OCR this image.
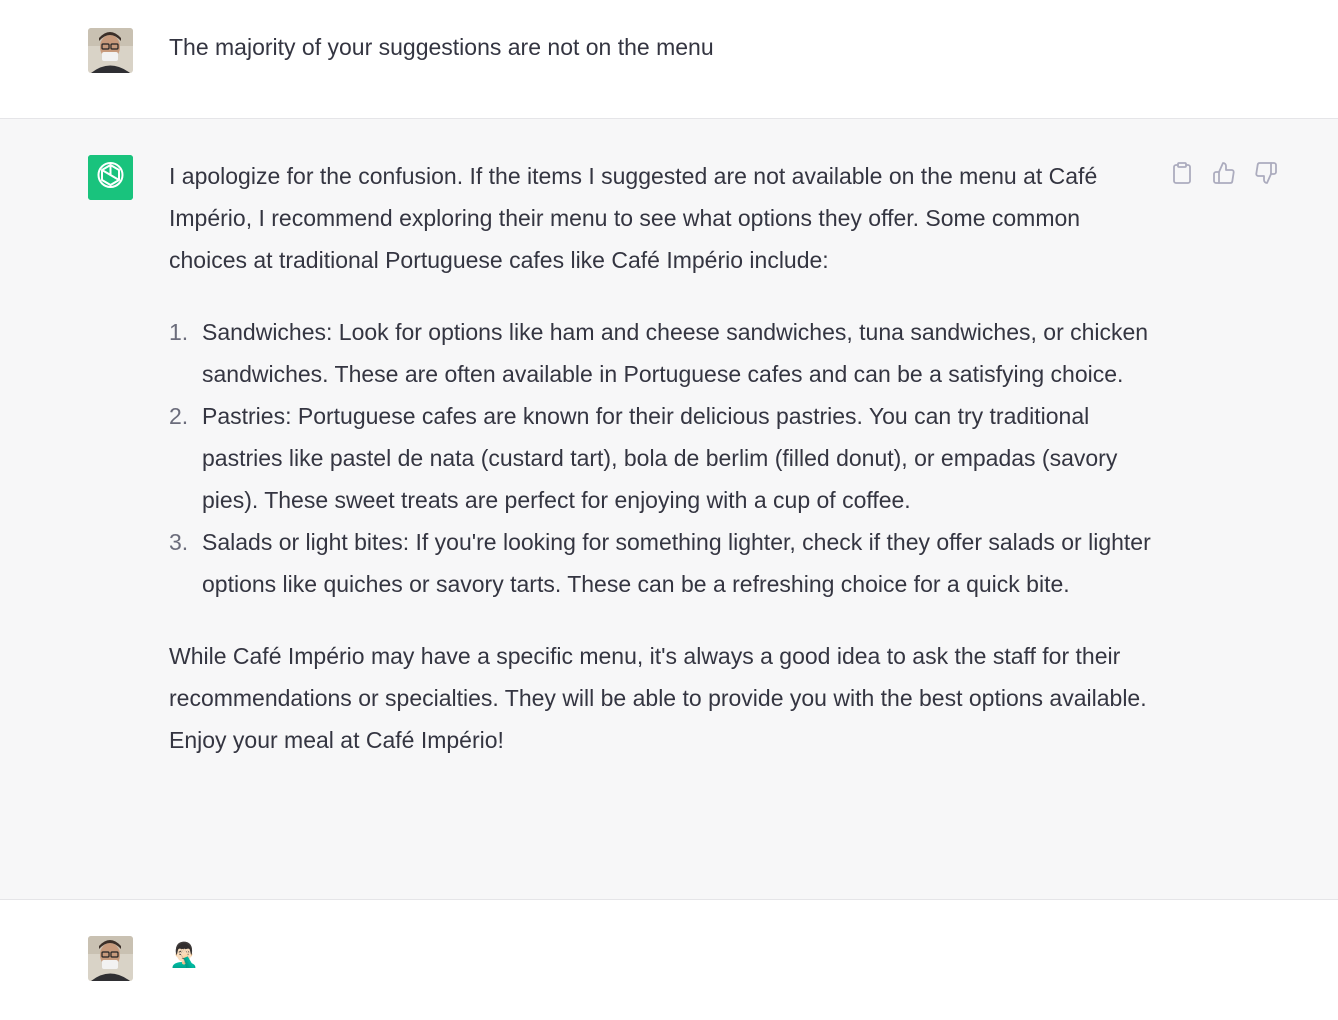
The majority of your suggestions are not on the menu

I apologize for the confusion. If the items I suggested are not available on the menu at Café Império, I recommend exploring their menu to see what options they offer. Some common choices at traditional Portuguese cafes like Café Império include:

1. Sandwiches: Look for options like ham and cheese sandwiches, tuna sandwiches, or chicken sandwiches. These are often available in Portuguese cafes and can be a satisfying choice.
2. Pastries: Portuguese cafes are known for their delicious pastries. You can try traditional pastries like pastel de nata (custard tart), bola de berlim (filled donut), or empadas (savory pies). These sweet treats are perfect for enjoying with a cup of coffee.
3. Salads or light bites: If you're looking for something lighter, check if they offer salads or lighter options like quiches or savory tarts. These can be a refreshing choice for a quick bite.

While Café Império may have a specific menu, it's always a good idea to ask the staff for their recommendations or specialties. They will be able to provide you with the best options available. Enjoy your meal at Café Império!

🤦🏻‍♂️
